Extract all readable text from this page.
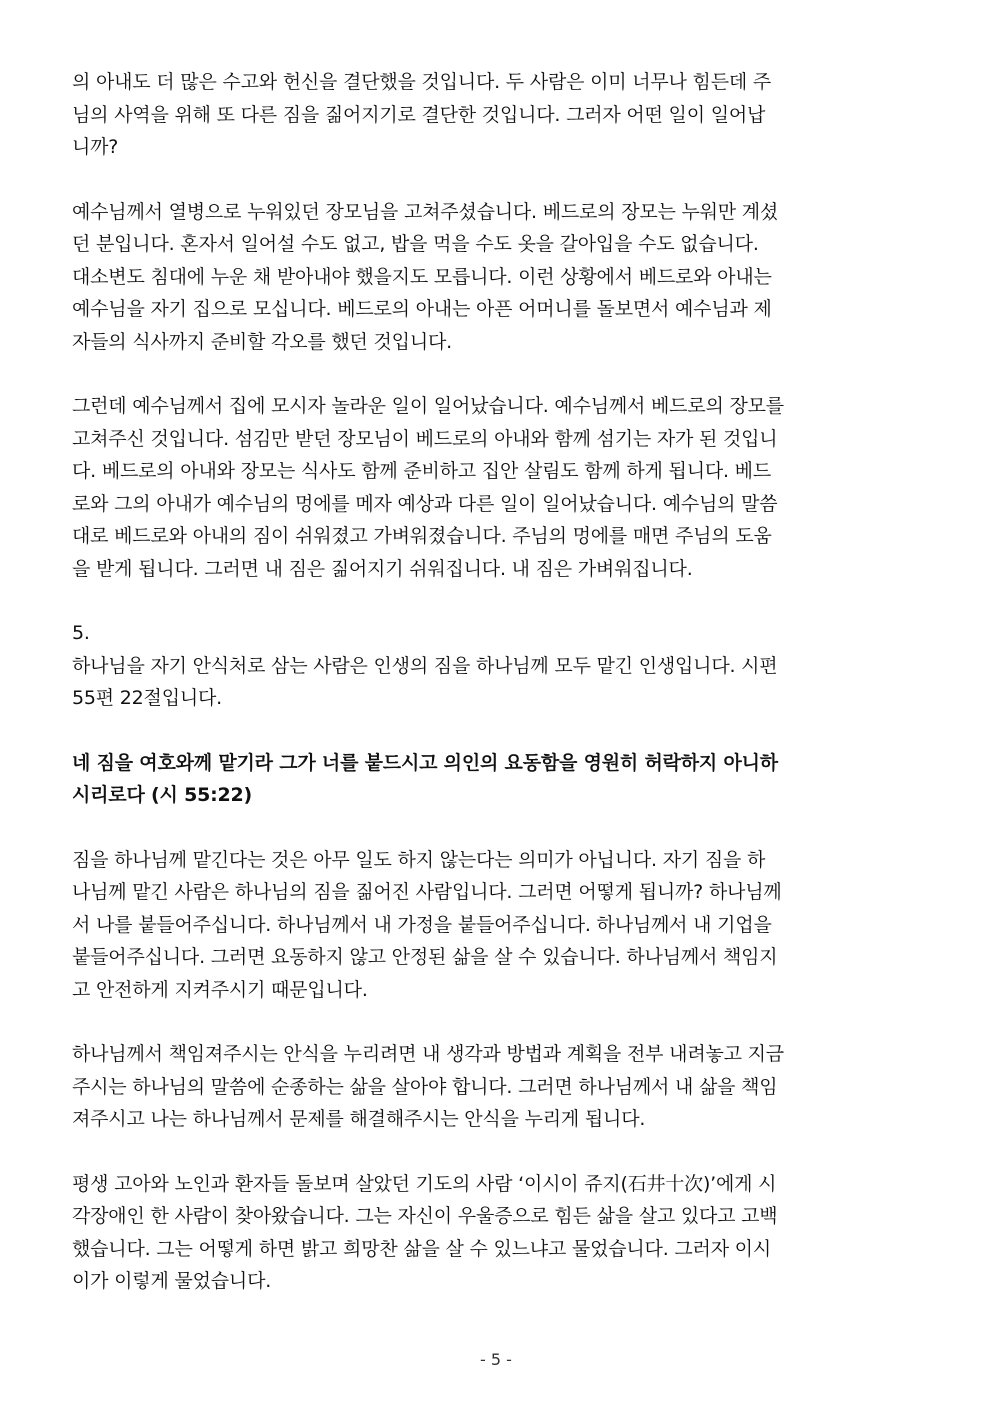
의 아내도 더 많은 수고와 헌신을 결단했을 것입니다. 두 사람은 이미 너무나 힘든데 주
님의 사역을 위해 또 다른 짐을 짊어지기로 결단한 것입니다. 그러자 어떤 일이 일어납
니까?

예수님께서 열병으로 누워있던 장모님을 고쳐주셨습니다. 베드로의 장모는 누워만 계셨
던 분입니다. 혼자서 일어설 수도 없고, 밥을 먹을 수도 옷을 갈아입을 수도 없습니다.
대소변도 침대에 누운 채 받아내야 했을지도 모릅니다. 이런 상황에서 베드로와 아내는
예수님을 자기 집으로 모십니다. 베드로의 아내는 아픈 어머니를 돌보면서 예수님과 제
자들의 식사까지 준비할 각오를 했던 것입니다.

그런데 예수님께서 집에 모시자 놀라운 일이 일어났습니다. 예수님께서 베드로의 장모를
고쳐주신 것입니다. 섬김만 받던 장모님이 베드로의 아내와 함께 섬기는 자가 된 것입니
다. 베드로의 아내와 장모는 식사도 함께 준비하고 집안 살림도 함께 하게 됩니다. 베드
로와 그의 아내가 예수님의 멍에를 메자 예상과 다른 일이 일어났습니다. 예수님의 말씀
대로 베드로와 아내의 짐이 쉬워졌고 가벼워졌습니다. 주님의 멍에를 매면 주님의 도움
을 받게 됩니다. 그러면 내 짐은 짊어지기 쉬워집니다. 내 짐은 가벼워집니다.

5.
하나님을 자기 안식처로 삼는 사람은 인생의 짐을 하나님께 모두 맡긴 인생입니다. 시편
55편 22절입니다.

네 짐을 여호와께 맡기라 그가 너를 붙드시고 의인의 요동함을 영원히 허락하지 아니하
시리로다 (시 55:22)

짐을 하나님께 맡긴다는 것은 아무 일도 하지 않는다는 의미가 아닙니다. 자기 짐을 하
나님께 맡긴 사람은 하나님의 짐을 짊어진 사람입니다. 그러면 어떻게 됩니까? 하나님께
서 나를 붙들어주십니다. 하나님께서 내 가정을 붙들어주십니다. 하나님께서 내 기업을
붙들어주십니다. 그러면 요동하지 않고 안정된 삶을 살 수 있습니다. 하나님께서 책임지
고 안전하게 지켜주시기 때문입니다.

하나님께서 책임져주시는 안식을 누리려면 내 생각과 방법과 계획을 전부 내려놓고 지금
주시는 하나님의 말씀에 순종하는 삶을 살아야 합니다. 그러면 하나님께서 내 삶을 책임
져주시고 나는 하나님께서 문제를 해결해주시는 안식을 누리게 됩니다.

평생 고아와 노인과 환자들 돌보며 살았던 기도의 사람 ‘이시이 쥬지(石井十次)’에게 시
각장애인 한 사람이 찾아왔습니다. 그는 자신이 우울증으로 힘든 삶을 살고 있다고 고백
했습니다. 그는 어떻게 하면 밝고 희망찬 삶을 살 수 있느냐고 물었습니다. 그러자 이시
이가 이렇게 물었습니다.

- 5 -
